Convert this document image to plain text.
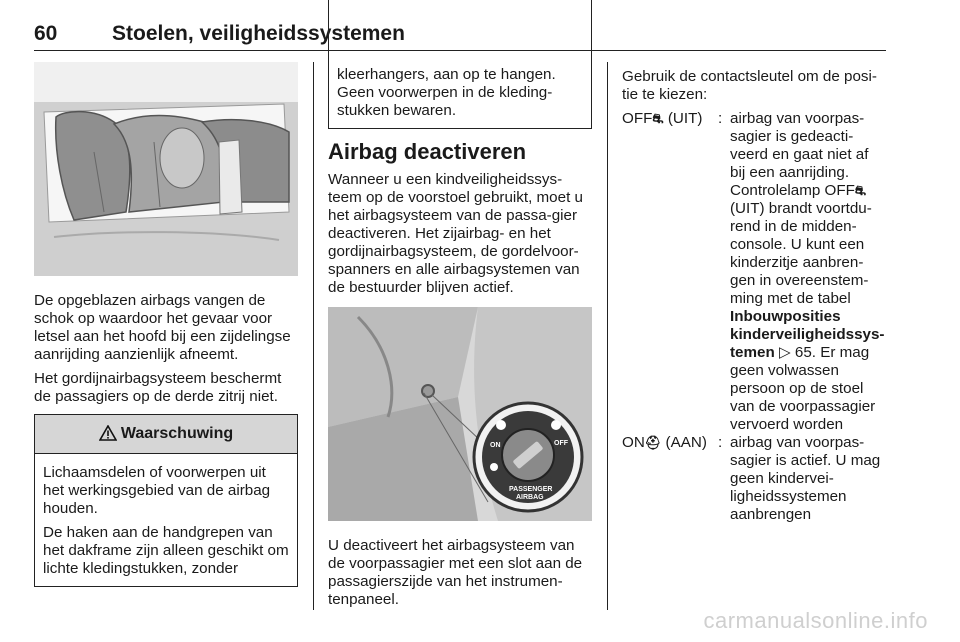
60	Stoelen, veiligheidssystemen

De opgeblazen airbags vangen de schok op waardoor het gevaar voor letsel aan het hoofd bij een zijdelingse aanrijding aanzienlijk afneemt.

Het gordijnairbagsysteem beschermt de passagiers op de derde zitrij niet.

Waarschuwing

Lichaamsdelen of voorwerpen uit het werkingsgebied van de airbag houden.

De haken aan de handgrepen van het dakframe zijn alleen geschikt om lichte kledingstukken, zonder

kleerhangers, aan op te hangen. Geen voorwerpen in de kleding-stukken bewaren.

Airbag deactiveren

Wanneer u een kindveiligheidssys-teem op de voorstoel gebruikt, moet u het airbagsysteem van de passa-gier deactiveren. Het zijairbag- en het gordijnairbagsysteem, de gordelvoor-spanners en alle airbagsystemen van de bestuurder blijven actief.

ON	OFF
PASSENGER
AIRBAG

U deactiveert het airbagsysteem van de voorpassagier met een slot aan de passagierszijde van het instrumen-tenpaneel.

Gebruik de contactsleutel om de posi-tie te kiezen:

OFF⛐ (UIT)	: airbag van voorpas-sagier is gedeacti-veerd en gaat niet af bij een aanrijding. Controlelamp OFF⛐ (UIT) brandt voortdu-rend in de midden-console. U kunt een kinderzitje aanbren-gen in overeenstem-ming met de tabel Inbouwposities kinderveiligheidssys-temen ▷ 65. Er mag geen volwassen persoon op de stoel van de voorpassagier vervoerd worden
ON⛑ (AAN) : airbag van voorpas-sagier is actief. U mag geen kindervei-ligheidssystemen aanbrengen
carmanualsonline.info
